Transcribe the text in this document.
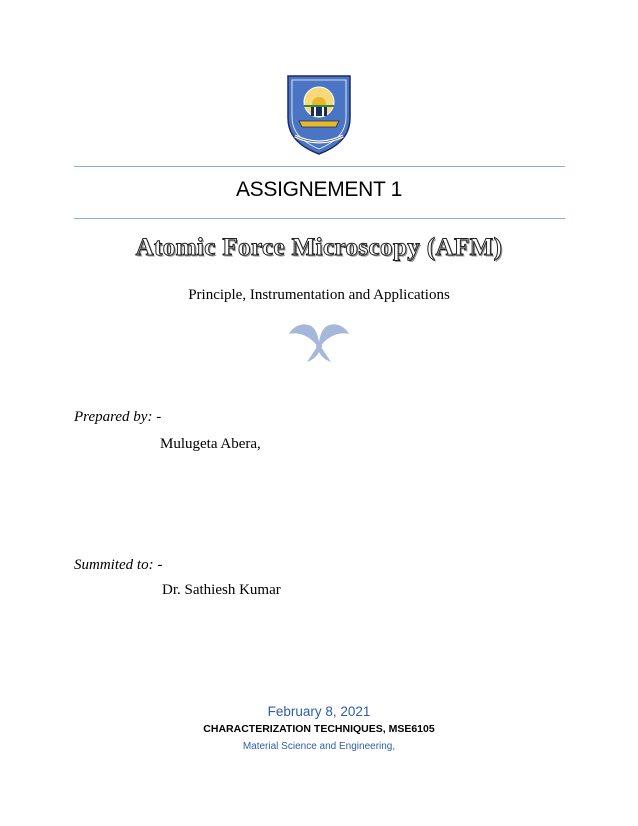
ASSIGNEMENT 1
Atomic Force Microscopy (AFM)
Principle, Instrumentation and Applications
Prepared by: -
Mulugeta Abera,
Summited to: -
Dr. Sathiesh Kumar
February 8, 2021
CHARACTERIZATION TECHNIQUES, MSE6105
Material Science and Engineering,
